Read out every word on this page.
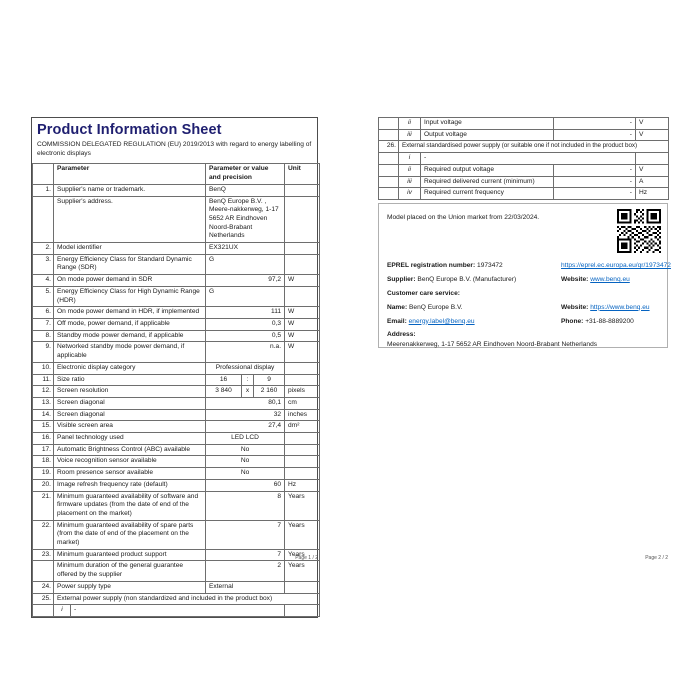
Product Information Sheet
COMMISSION DELEGATED REGULATION (EU) 2019/2013 with regard to energy labelling of electronic displays
	Parameter		Parameter or value and precision			Unit
1.	Supplier's name or trademark.		BenQ			
	Supplier's address.		BenQ Europe B.V. , Meere-nakkerweg, 1-17 5652 AR Eindhoven Noord-Brabant Netherlands			
2.	Model identifier		EX321UX			
3.	Energy Efficiency Class for Standard Dynamic Range (SDR)		G			
4.	On mode power demand in SDR		97,2			W
5.	Energy Efficiency Class for High Dynamic Range (HDR)		G			
6.	On mode power demand in HDR, if implemented		111			W
7.	Off mode, power demand, if applicable		0,3			W
8.	Standby mode power demand, if applicable		0,5			W
9.	Networked standby mode power demand, if applicable		n.a.			W
10.	Electronic display category		Professional display			
11.	Size ratio		16	:	9	
12.	Screen resolution		3 840	x	2 160	pixels
13.	Screen diagonal		80,1			cm
14.	Screen diagonal		32			inches
15.	Visible screen area		27,4			dm²
16.	Panel technology used		LED LCD			
17.	Automatic Brightness Control (ABC) available		No			
18.	Voice recognition sensor available		No			
19.	Room presence sensor available		No			
20.	Image refresh frequency rate (default)		60			Hz
21.	Minimum guaranteed availability of software and firmware updates (from the date of end of the placement on the market)		8			Years
22.	Minimum guaranteed availability of spare parts (from the date of end of the placement on the market)		7			Years
23.	Minimum guaranteed product support		7			Years
	Minimum duration of the general guarantee offered by the supplier		2			Years
24.	Power supply type		External			
25.	External power supply (non standardized and included in the product box)					
	i	-				
Page 1 / 2
	ii	Input voltage	-	V
	iii	Output voltage	-	V
26.	External standardised power supply (or suitable one if not included in the product box)			
	i	-		
	ii	Required output voltage	-	V
	iii	Required delivered current (minimum)	-	A
	iv	Required current frequency	-	Hz
Model placed on the Union market from 22/03/2024.
EPREL registration number: 1973472	https://eprel.ec.europa.eu/qr/1973472
Supplier: BenQ Europe B.V. (Manufacturer)	Website: www.benq.eu
Customer care service:
Name: BenQ Europe B.V.	Website: https://www.benq.eu
Email: energy.label@benq.eu	Phone: +31-88-8889200
Address:
Meerenakkerweg, 1-17 5652 AR Eindhoven Noord-Brabant Netherlands
Page 2 / 2
